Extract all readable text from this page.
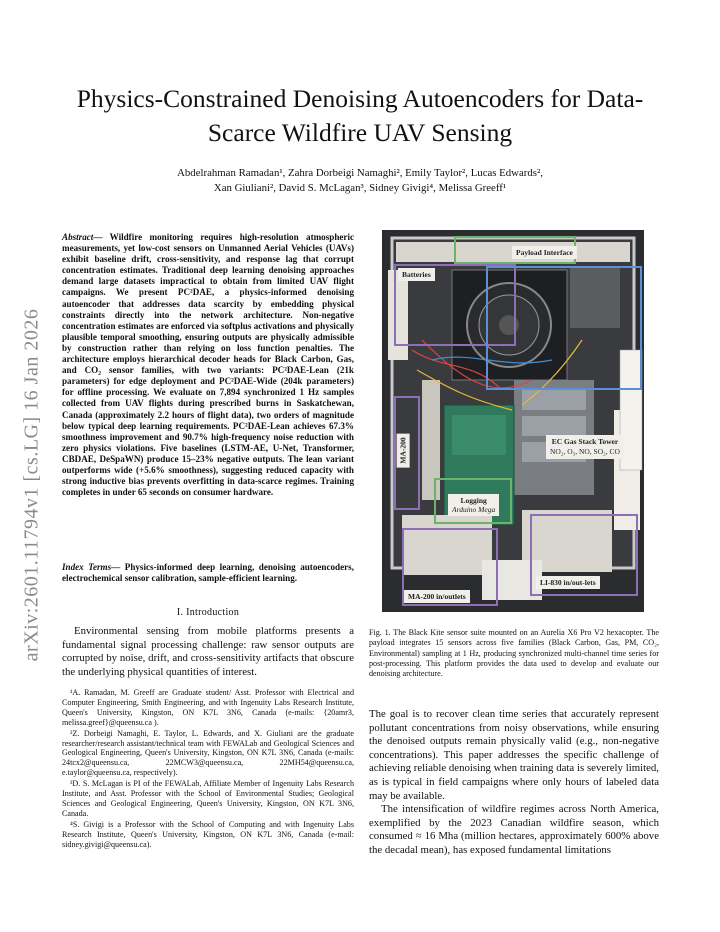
arXiv:2601.11794v1 [cs.LG] 16 Jan 2026
Physics-Constrained Denoising Autoencoders for Data-Scarce Wildfire UAV Sensing
Abdelrahman Ramadan¹, Zahra Dorbeigi Namaghi², Emily Taylor², Lucas Edwards²,
Xan Giuliani², David S. McLagan³, Sidney Givigi⁴, Melissa Greeff¹
Abstract— Wildfire monitoring requires high-resolution atmospheric measurements, yet low-cost sensors on Unmanned Aerial Vehicles (UAVs) exhibit baseline drift, cross-sensitivity, and response lag that corrupt concentration estimates. Traditional deep learning denoising approaches demand large datasets impractical to obtain from limited UAV flight campaigns. We present PC²DAE, a physics-informed denoising autoencoder that addresses data scarcity by embedding physical constraints directly into the network architecture. Non-negative concentration estimates are enforced via softplus activations and physically plausible temporal smoothing, ensuring outputs are physically admissible by construction rather than relying on loss function penalties. The architecture employs hierarchical decoder heads for Black Carbon, Gas, and CO₂ sensor families, with two variants: PC²DAE-Lean (21k parameters) for edge deployment and PC²DAE-Wide (204k parameters) for offline processing. We evaluate on 7,894 synchronized 1 Hz samples collected from UAV flights during prescribed burns in Saskatchewan, Canada (approximately 2.2 hours of flight data), two orders of magnitude below typical deep learning requirements. PC²DAE-Lean achieves 67.3% smoothness improvement and 90.7% high-frequency noise reduction with zero physics violations. Five baselines (LSTM-AE, U-Net, Transformer, CBDAE, DeSpaWN) produce 15–23% negative outputs. The lean variant outperforms wide (+5.6% smoothness), suggesting reduced capacity with strong inductive bias prevents overfitting in data-scarce regimes. Training completes in under 65 seconds on consumer hardware.
Index Terms— Physics-informed deep learning, denoising autoencoders, electrochemical sensor calibration, sample-efficient learning.
I. Introduction
Environmental sensing from mobile platforms presents a fundamental signal processing challenge: raw sensor outputs are corrupted by noise, drift, and cross-sensitivity artifacts that obscure the underlying physical quantities of interest.

¹A. Ramadan, M. Greeff are Graduate student/ Asst. Professor with Electrical and Computer Engineering, Smith Engineering, and with Ingenuity Labs Research Institute, Queen's University, Kingston, ON K7L 3N6, Canada (e-mails: {20amr3, melissa.greef}@queensu.ca ).

²Z. Dorbeigi Namaghi, E. Taylor, L. Edwards, and X. Giuliani are the graduate researcher/research assistant/technical team with FEWALab and Geological Sciences and Geological Engineering, Queen's University, Kingston, ON K7L 3N6, Canada (e-mails: 24tcx2@queensu.ca, 22MCW3@queensu.ca, 22MH54@queensu.ca, e.taylor@queensu.ca, respectively).

³D. S. McLagan is PI of the FEWALab, Affiliate Member of Ingenuity Labs Research Institute, and Asst. Professor with the School of Environmental Studies; Geological Sciences and Geological Engineering, Queen's University, Kingston, ON K7L 3N6, Canada.

⁴S. Givigi is a Professor with the School of Computing and with Ingenuity Labs Research Institute, Queen's University, Kingston, ON K7L 3N6, Canada (e-mail: sidney.givigi@queensu.ca).

Payload Interface
Batteries
EC Gas Stack Tower
NO₂, O₃, NO, SO₂, CO
MA-200
Logging
Arduino Mega
MA-200 in/outlets
LI-830 in/out-lets
Fig. 1. The Black Kite sensor suite mounted on an Aurelia X6 Pro V2 hexacopter. The payload integrates 15 sensors across five families (Black Carbon, Gas, PM, CO₂, Environmental) sampling at 1 Hz, producing synchronized multi-channel time series for post-processing. This platform provides the data used to develop and evaluate our denoising architecture.

The goal is to recover clean time series that accurately represent pollutant concentrations from noisy observations, while ensuring the denoised outputs remain physically valid (e.g., non-negative concentrations). This paper addresses the specific challenge of achieving reliable denoising when training data is severely limited, as is typical in field campaigns where only hours of labeled data may be available.

The intensification of wildfire regimes across North America, exemplified by the 2023 Canadian wildfire season, which consumed ≈ 16 Mha (million hectares, approximately 600% above the decadal mean), has exposed fundamental limitations
